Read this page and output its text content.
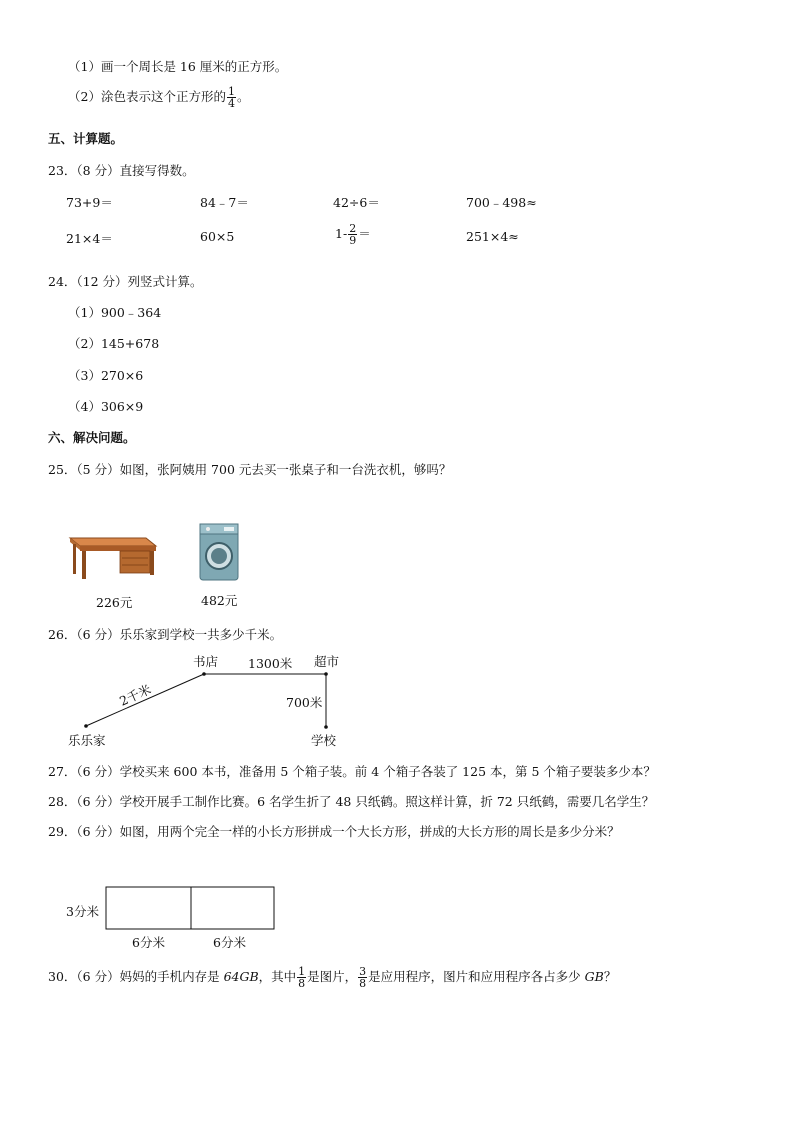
（1）画一个周长是 16 厘米的正方形。
（2）涂色表示这个正方形的 $\frac{1}{4}$ 。
五、计算题。
23．（8 分）直接写得数。
73+9＝	84﹣7＝	42÷6＝	700﹣498≈
21×4＝	60×5	$1- \frac{2}{9}$ ＝	251×4≈
24．（12 分）列竖式计算。
（1）900﹣364
（2）145+678
（3）270×6
（4）306×9
六、解决问题。
25．（5 分）如图，张阿姨用 700 元去买一张桌子和一台洗衣机，够吗？
226元	482元
26．（6 分）乐乐家到学校一共多少千米。
书店 1300米 超市
700米
2千米
乐乐家	学校
27．（6 分）学校买来 600 本书，准备用 5 个箱子装。前 4 个箱子各装了 125 本，第 5 个箱子要装多少本？
28．（6 分）学校开展手工制作比赛。6 名学生折了 48 只纸鹤。照这样计算，折 72 只纸鹤，需要几名学生？
29．（6 分）如图，用两个完全一样的小长方形拼成一个大长方形，拼成的大长方形的周长是多少分米？
3分米
6分米	6分米
30．（6 分）妈妈的手机内存是 64GB，其中 $\frac{1}{8}$ 是图片， $\frac{3}{8}$ 是应用程序，图片和应用程序各占多少 GB？
